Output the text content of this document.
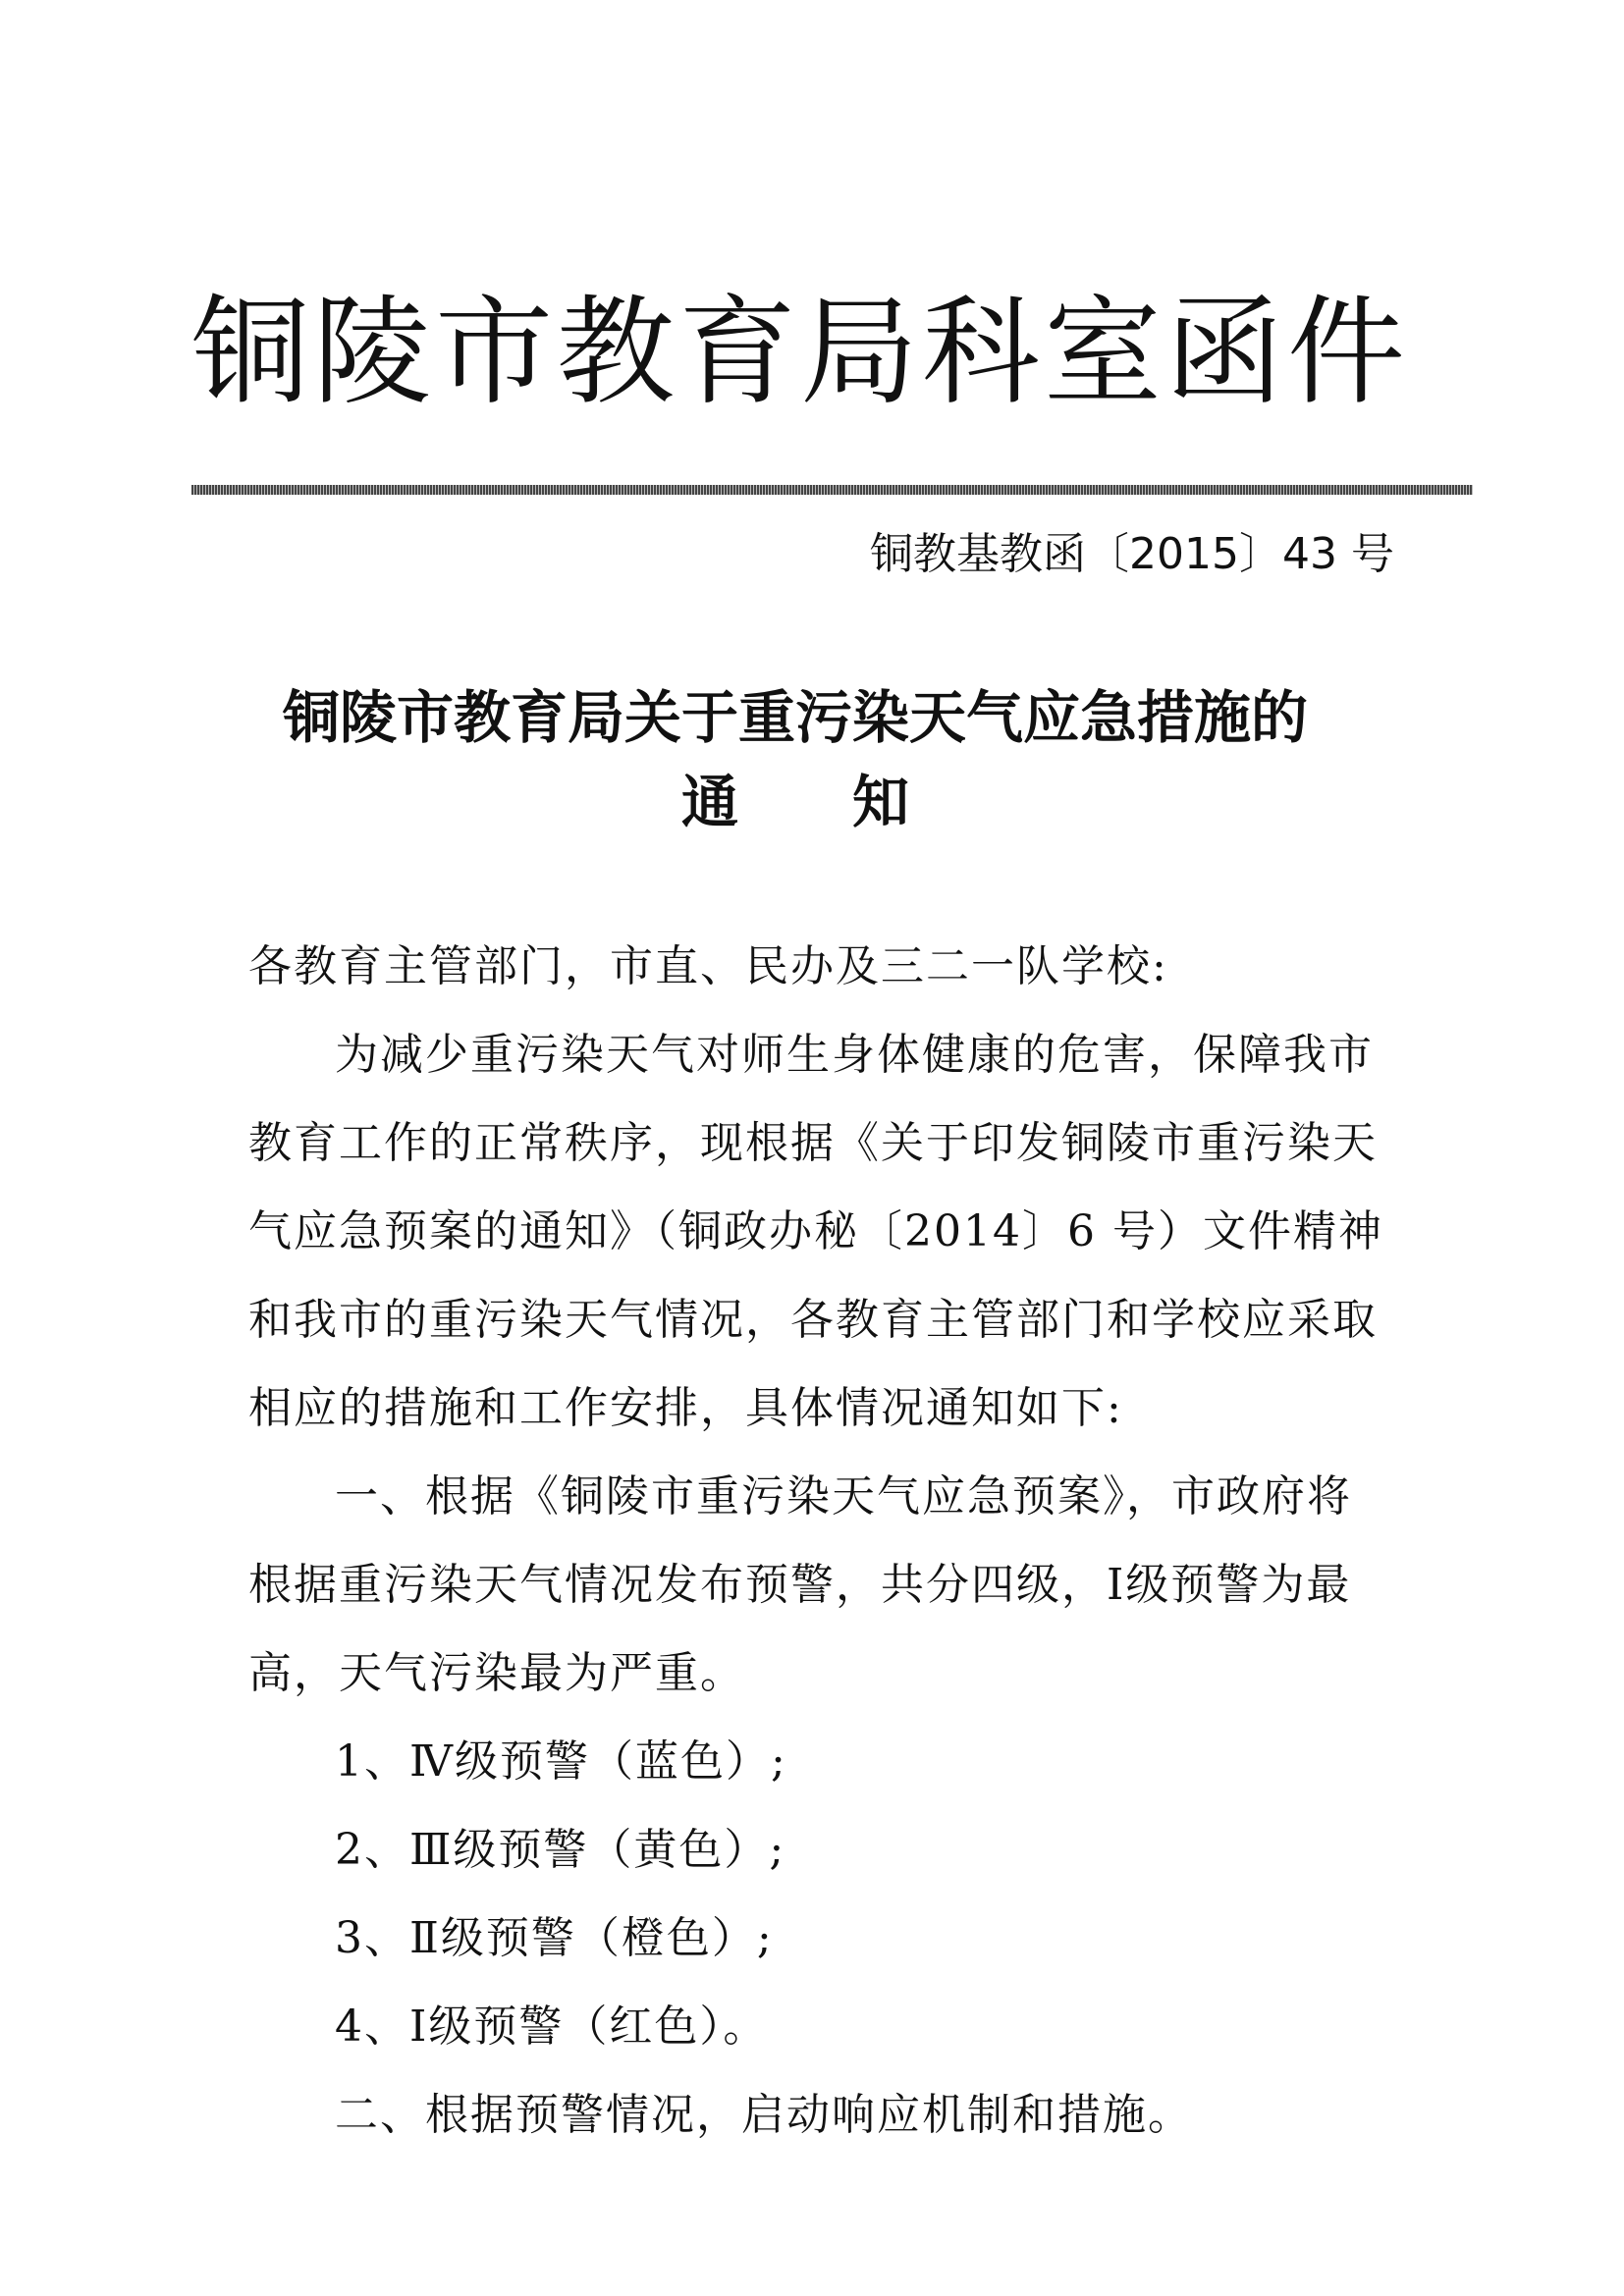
铜陵市教育局科室函件
铜教基教函〔2015〕43 号
铜陵市教育局关于重污染天气应急措施的
通　　知

各教育主管部门，市直、民办及三二一队学校:

为减少重污染天气对师生身体健康的危害，保障我市教育工作的正常秩序，现根据《关于印发铜陵市重污染天气应急预案的通知》（铜政办秘〔2014〕6 号）文件精神和我市的重污染天气情况，各教育主管部门和学校应采取相应的措施和工作安排，具体情况通知如下:

一、根据《铜陵市重污染天气应急预案》，市政府将根据重污染天气情况发布预警，共分四级，Ⅰ级预警为最高，天气污染最为严重。

1、Ⅳ级预警（蓝色）;

2、Ⅲ级预警（黄色）;

3、Ⅱ级预警（橙色）;

4、Ⅰ级预警（红色）。

二、根据预警情况，启动响应机制和措施。
